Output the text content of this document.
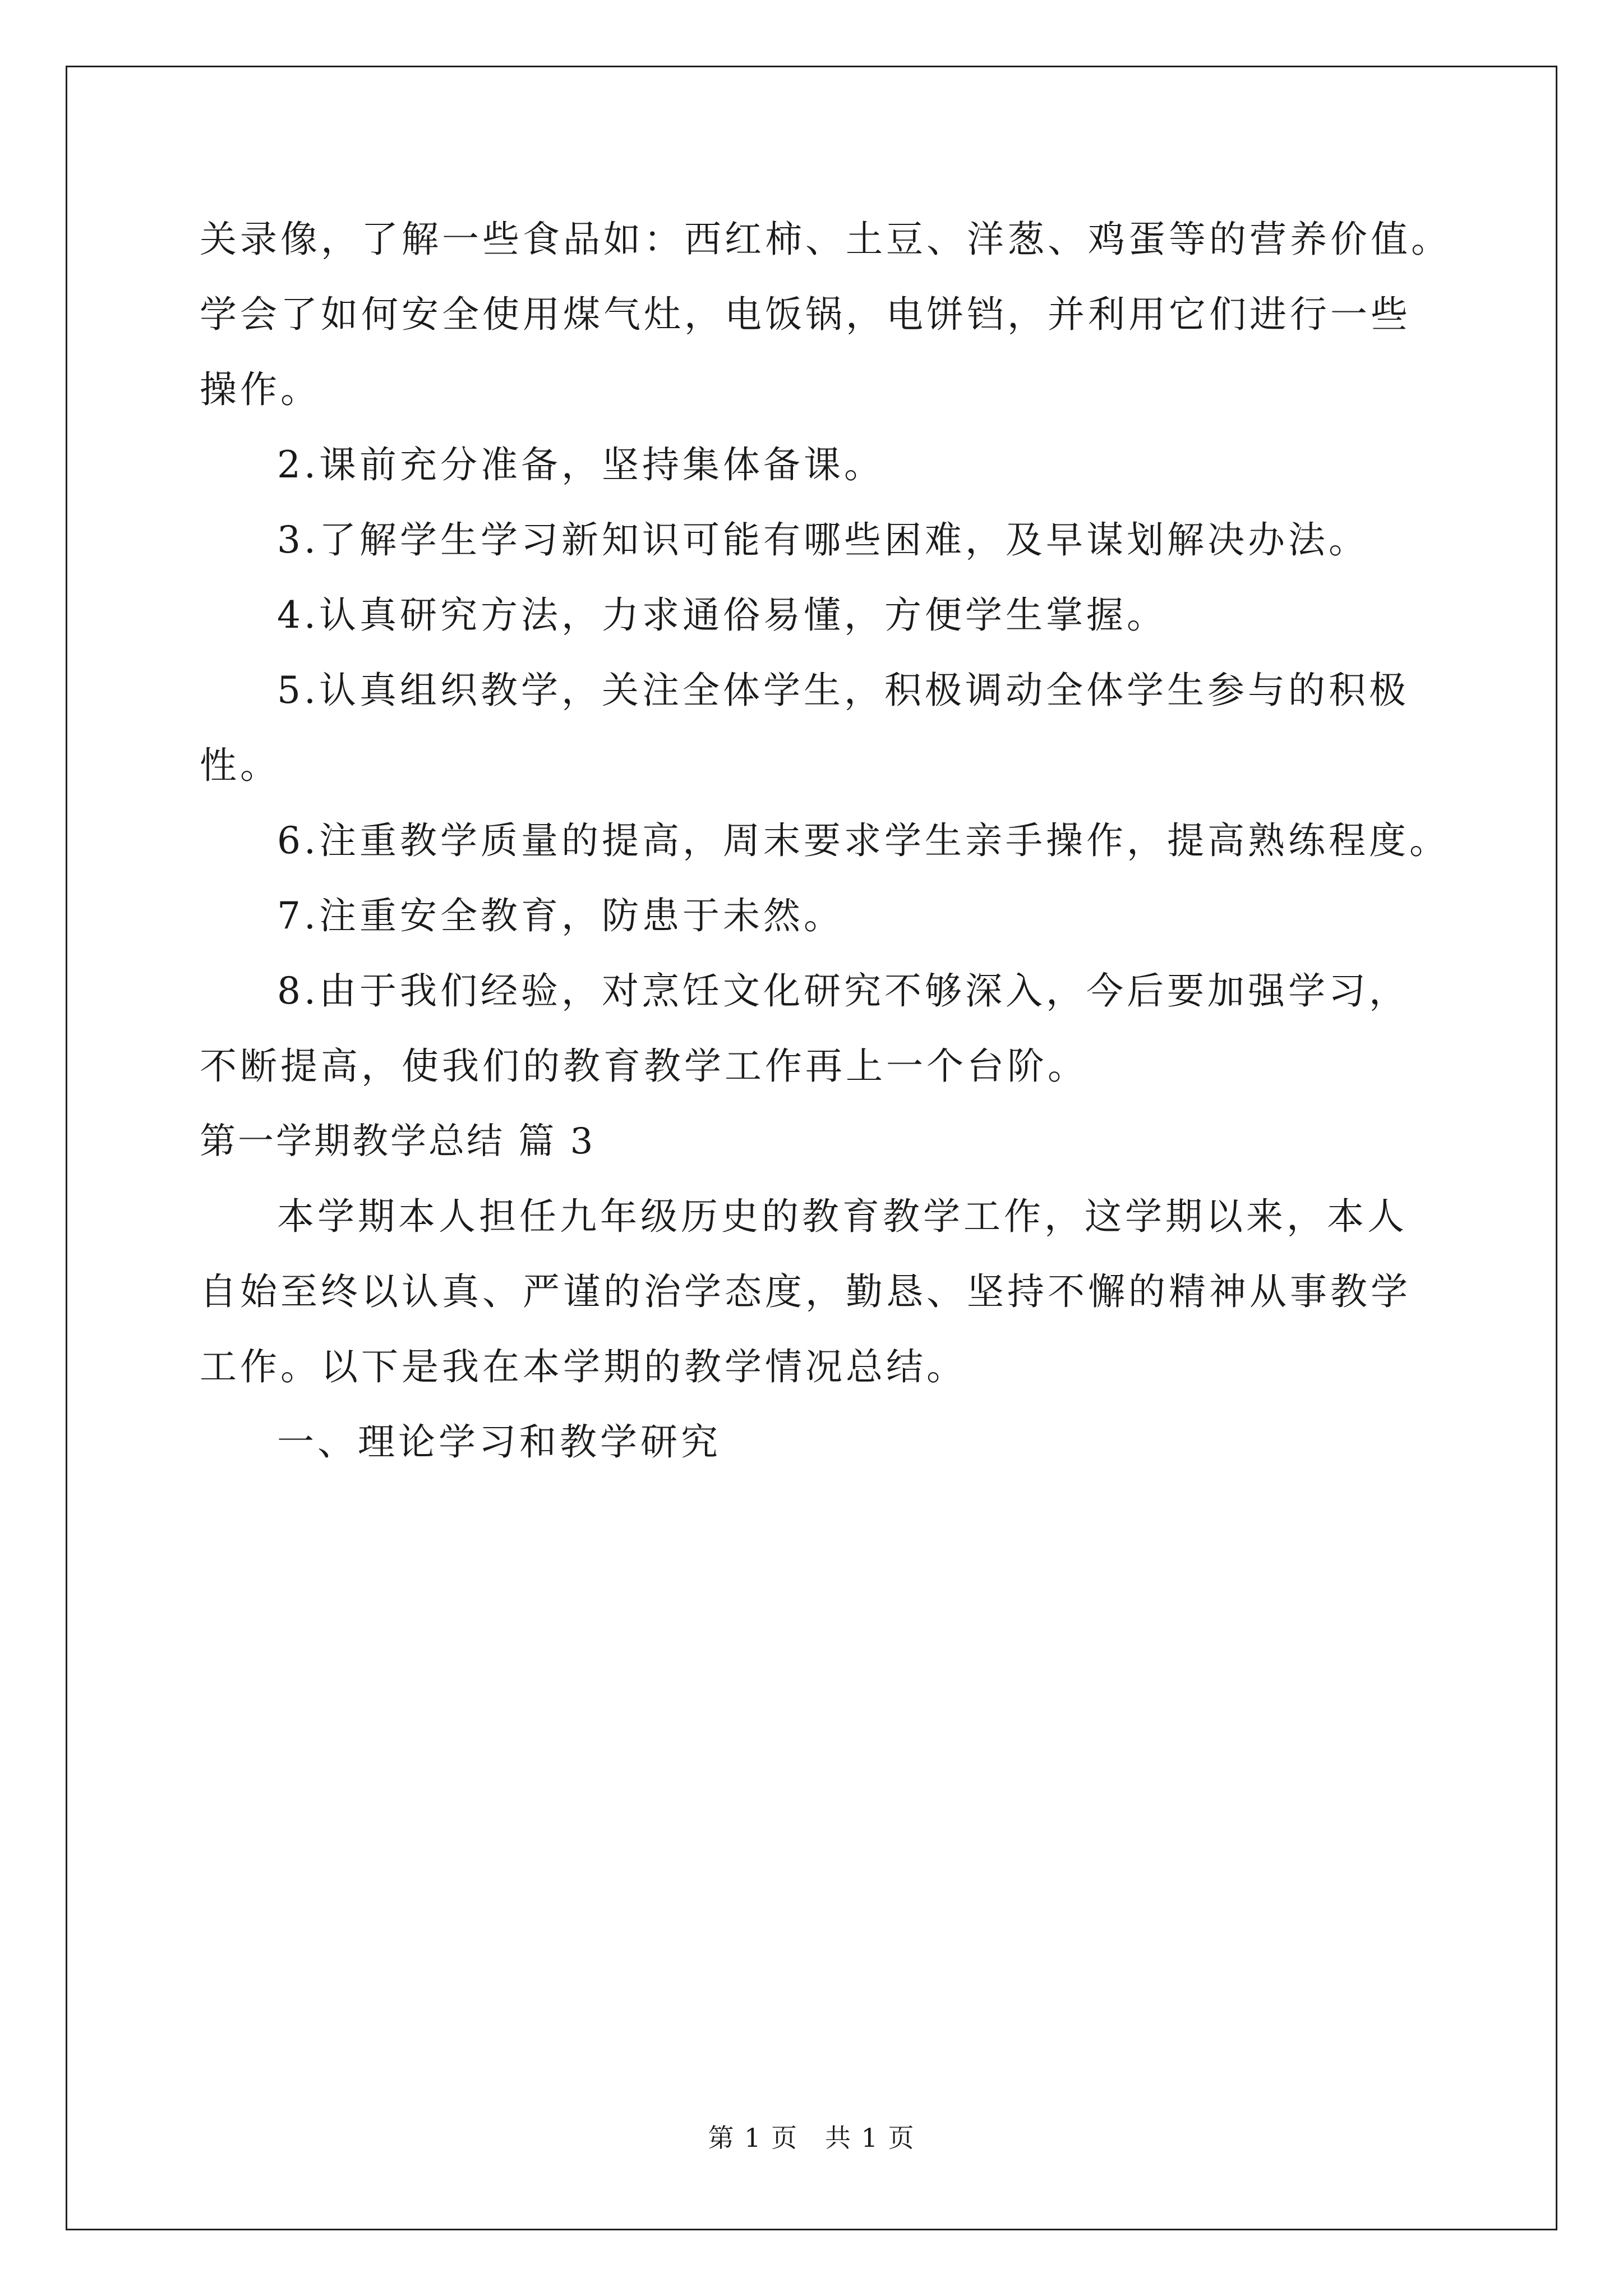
关录像，了解一些食品如：西红柿、土豆、洋葱、鸡蛋等的营养价值。
学会了如何安全使用煤气灶，电饭锅，电饼铛，并利用它们进行一些
操作。
2.课前充分准备，坚持集体备课。
3.了解学生学习新知识可能有哪些困难，及早谋划解决办法。
4.认真研究方法，力求通俗易懂，方便学生掌握。
5.认真组织教学，关注全体学生，积极调动全体学生参与的积极
性。
6.注重教学质量的提高，周末要求学生亲手操作，提高熟练程度。
7.注重安全教育，防患于未然。
8.由于我们经验，对烹饪文化研究不够深入，今后要加强学习，
不断提高，使我们的教育教学工作再上一个台阶。
第一学期教学总结 篇 3
本学期本人担任九年级历史的教育教学工作，这学期以来，本人
自始至终以认真、严谨的治学态度，勤恳、坚持不懈的精神从事教学
工作。以下是我在本学期的教学情况总结。
一、理论学习和教学研究
第 1 页　共 1 页
